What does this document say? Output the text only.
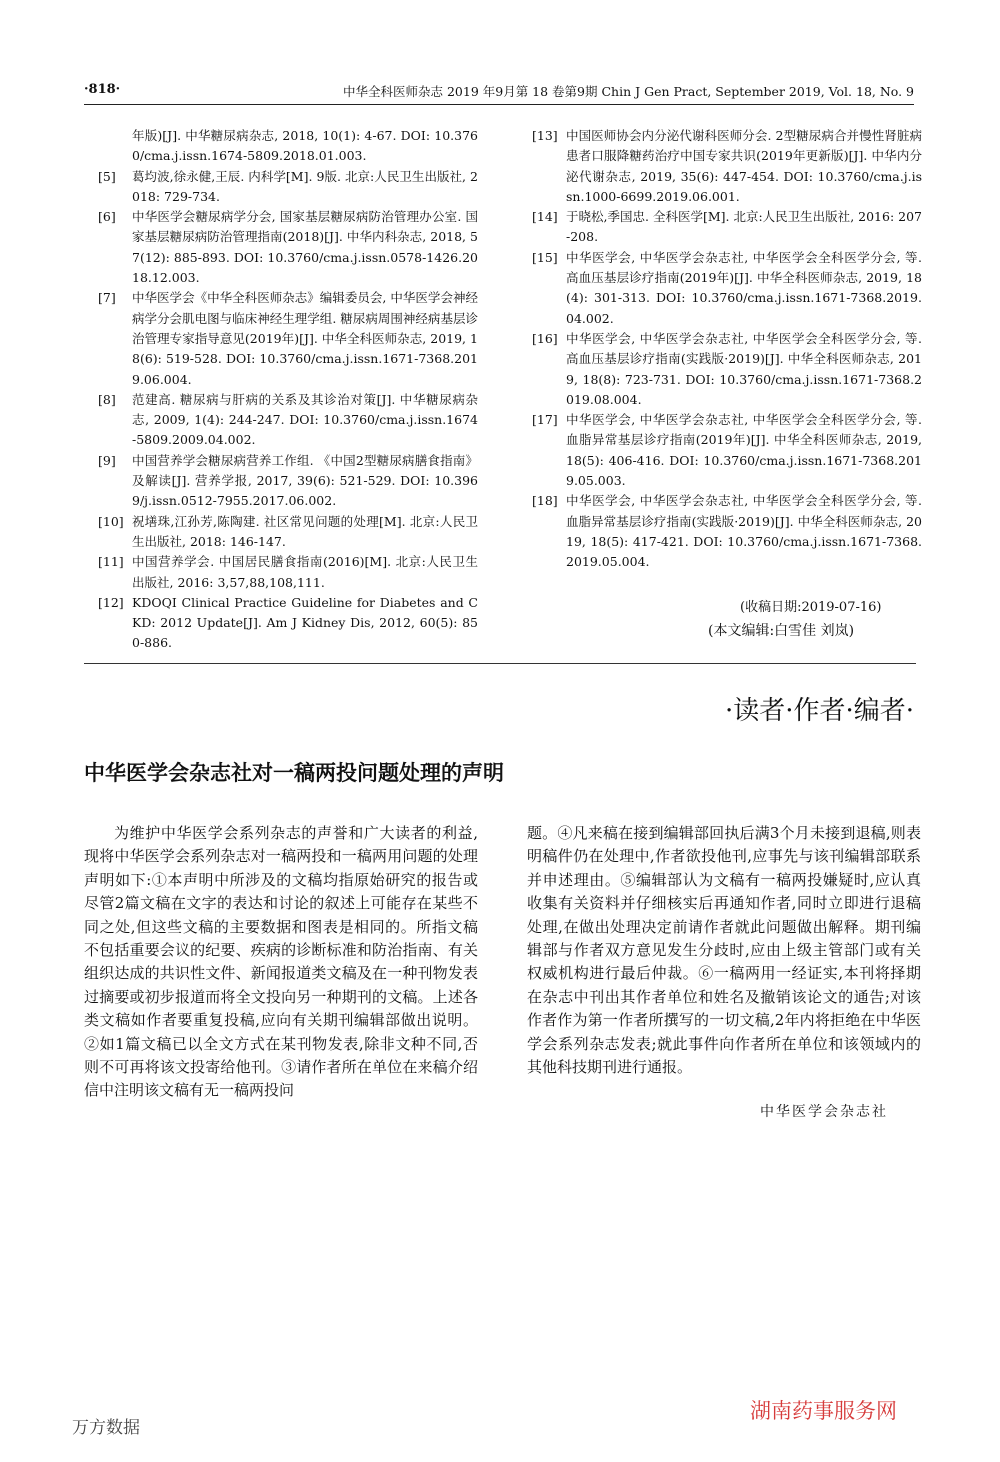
·818·	中华全科医师杂志 2019 年9月第 18 卷第9期 Chin J Gen Pract, September 2019, Vol. 18, No. 9
年版)[J]. 中华糖尿病杂志, 2018, 10(1): 4-67. DOI: 10.3760/cma.j.issn.1674-5809.2018.01.003.
[5]	葛均波,徐永健,王辰. 内科学[M]. 9版. 北京:人民卫生出版社, 2018: 729-734.
[6]	中华医学会糖尿病学分会, 国家基层糖尿病防治管理办公室. 国家基层糖尿病防治管理指南(2018)[J]. 中华内科杂志, 2018, 57(12): 885-893. DOI: 10.3760/cma.j.issn.0578-1426.2018.12.003.
[7]	中华医学会《中华全科医师杂志》编辑委员会, 中华医学会神经病学分会肌电图与临床神经生理学组. 糖尿病周围神经病基层诊治管理专家指导意见(2019年)[J]. 中华全科医师杂志, 2019, 18(6): 519-528. DOI: 10.3760/cma.j.issn.1671-7368.2019.06.004.
[8]	范建高. 糖尿病与肝病的关系及其诊治对策[J]. 中华糖尿病杂志, 2009, 1(4): 244-247. DOI: 10.3760/cma.j.issn.1674-5809.2009.04.002.
[9]	中国营养学会糖尿病营养工作组. 《中国2型糖尿病膳食指南》及解读[J]. 营养学报, 2017, 39(6): 521-529. DOI: 10.3969/j.issn.0512-7955.2017.06.002.
[10] 祝墡珠,江孙芳,陈陶建. 社区常见问题的处理[M]. 北京:人民卫生出版社, 2018: 146-147.
[11] 中国营养学会. 中国居民膳食指南(2016)[M]. 北京:人民卫生出版社, 2016: 3,57,88,108,111.
[12] KDOQI Clinical Practice Guideline for Diabetes and CKD: 2012 Update[J]. Am J Kidney Dis, 2012, 60(5): 850-886.
[13] 中国医师协会内分泌代谢科医师分会. 2型糖尿病合并慢性肾脏病患者口服降糖药治疗中国专家共识(2019年更新版)[J]. 中华内分泌代谢杂志, 2019, 35(6): 447-454. DOI: 10.3760/cma.j.issn.1000-6699.2019.06.001.
[14] 于晓松,季国忠. 全科医学[M]. 北京:人民卫生出版社, 2016: 207-208.
[15] 中华医学会, 中华医学会杂志社, 中华医学会全科医学分会, 等. 高血压基层诊疗指南(2019年)[J]. 中华全科医师杂志, 2019, 18(4): 301-313. DOI: 10.3760/cma.j.issn.1671-7368.2019.04.002.
[16] 中华医学会, 中华医学会杂志社, 中华医学会全科医学分会, 等. 高血压基层诊疗指南(实践版·2019)[J]. 中华全科医师杂志, 2019, 18(8): 723-731. DOI: 10.3760/cma.j.issn.1671-7368.2019.08.004.
[17] 中华医学会, 中华医学会杂志社, 中华医学会全科医学分会, 等. 血脂异常基层诊疗指南(2019年)[J]. 中华全科医师杂志, 2019, 18(5): 406-416. DOI: 10.3760/cma.j.issn.1671-7368.2019.05.003.
[18] 中华医学会, 中华医学会杂志社, 中华医学会全科医学分会, 等. 血脂异常基层诊疗指南(实践版·2019)[J]. 中华全科医师杂志, 2019, 18(5): 417-421. DOI: 10.3760/cma.j.issn.1671-7368.2019.05.004.
(收稿日期:2019-07-16)
(本文编辑:白雪佳 刘岚)
·读者·作者·编者·
中华医学会杂志社对一稿两投问题处理的声明

为维护中华医学会系列杂志的声誉和广大读者的利益,现将中华医学会系列杂志对一稿两投和一稿两用问题的处理声明如下:①本声明中所涉及的文稿均指原始研究的报告或尽管2篇文稿在文字的表达和讨论的叙述上可能存在某些不同之处,但这些文稿的主要数据和图表是相同的。所指文稿不包括重要会议的纪要、疾病的诊断标准和防治指南、有关组织达成的共识性文件、新闻报道类文稿及在一种刊物发表过摘要或初步报道而将全文投向另一种期刊的文稿。上述各类文稿如作者要重复投稿,应向有关期刊编辑部做出说明。②如1篇文稿已以全文方式在某刊物发表,除非文种不同,否则不可再将该文投寄给他刊。③请作者所在单位在来稿介绍信中注明该文稿有无一稿两投问

题。④凡来稿在接到编辑部回执后满3个月未接到退稿,则表明稿件仍在处理中,作者欲投他刊,应事先与该刊编辑部联系并申述理由。⑤编辑部认为文稿有一稿两投嫌疑时,应认真收集有关资料并仔细核实后再通知作者,同时立即进行退稿处理,在做出处理决定前请作者就此问题做出解释。期刊编辑部与作者双方意见发生分歧时,应由上级主管部门或有关权威机构进行最后仲裁。⑥一稿两用一经证实,本刊将择期在杂志中刊出其作者单位和姓名及撤销该论文的通告;对该作者作为第一作者所撰写的一切文稿,2年内将拒绝在中华医学会系列杂志发表;就此事件向作者所在单位和该领域内的其他科技期刊进行通报。

中华医学会杂志社
湖南药事服务网
万方数据
